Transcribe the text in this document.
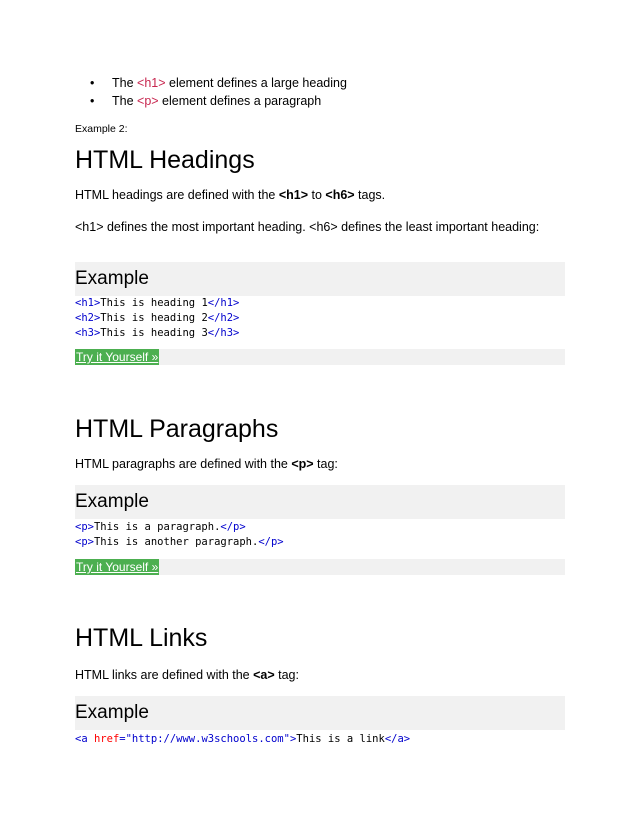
• The <h1> element defines a large heading
• The <p> element defines a paragraph
Example 2:
HTML Headings

HTML headings are defined with the <h1> to <h6> tags.

<h1> defines the most important heading. <h6> defines the least important heading:

Example
<h1>This is heading 1</h1>
<h2>This is heading 2</h2>
<h3>This is heading 3</h3>
Try it Yourself »
HTML Paragraphs

HTML paragraphs are defined with the <p> tag:

Example
<p>This is a paragraph.</p>
<p>This is another paragraph.</p>
Try it Yourself »
HTML Links

HTML links are defined with the <a> tag:

Example
<a href="http://www.w3schools.com">This is a link</a>
